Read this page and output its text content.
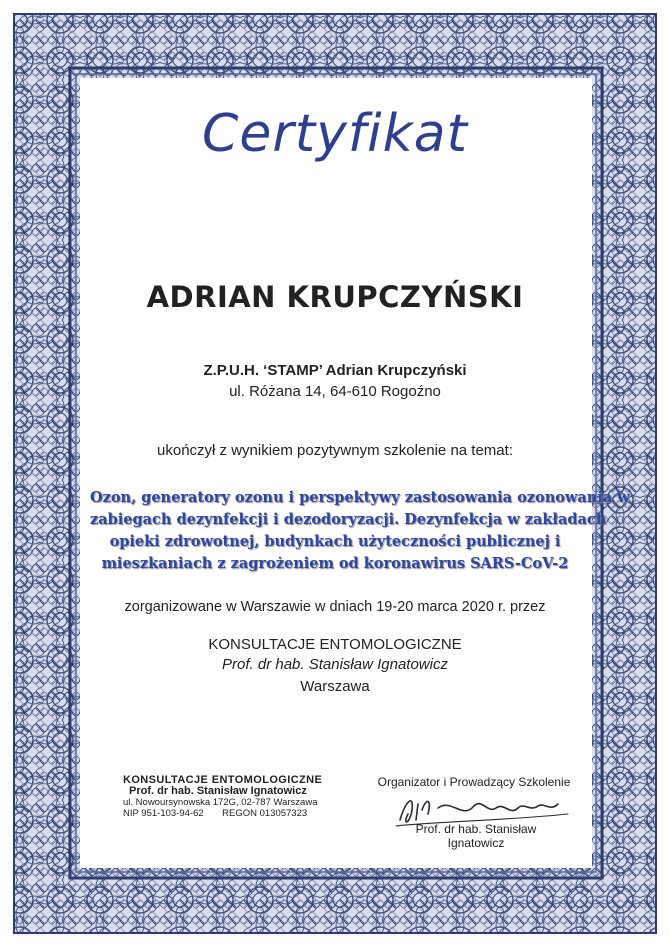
Certyfikat
ADRIAN KRUPCZYŃSKI
Z.P.U.H. ‘STAMP’ Adrian Krupczyński
ul. Różana 14, 64-610 Rogoźno
ukończył z wynikiem pozytywnym szkolenie na temat:
Ozon, generatory ozonu i perspektywy zastosowania ozonowania w
zabiegach dezynfekcji i dezodoryzacji. Dezynfekcja w zakładach
opieki zdrowotnej, budynkach użyteczności publicznej i
mieszkaniach z zagrożeniem od koronawirus SARS-CoV-2
zorganizowane w Warszawie w dniach 19-20 marca 2020 r. przez
KONSULTACJE ENTOMOLOGICZNE
Prof. dr hab. Stanisław Ignatowicz
Warszawa
KONSULTACJE ENTOMOLOGICZNE
Prof. dr hab. Stanisław Ignatowicz
ul. Nowoursynowska 172G, 02-787 Warszawa
NIP 951-103-94-62 REGON 013057323
Organizator i Prowadzący Szkolenie
Prof. dr hab. Stanisław Ignatowicz
